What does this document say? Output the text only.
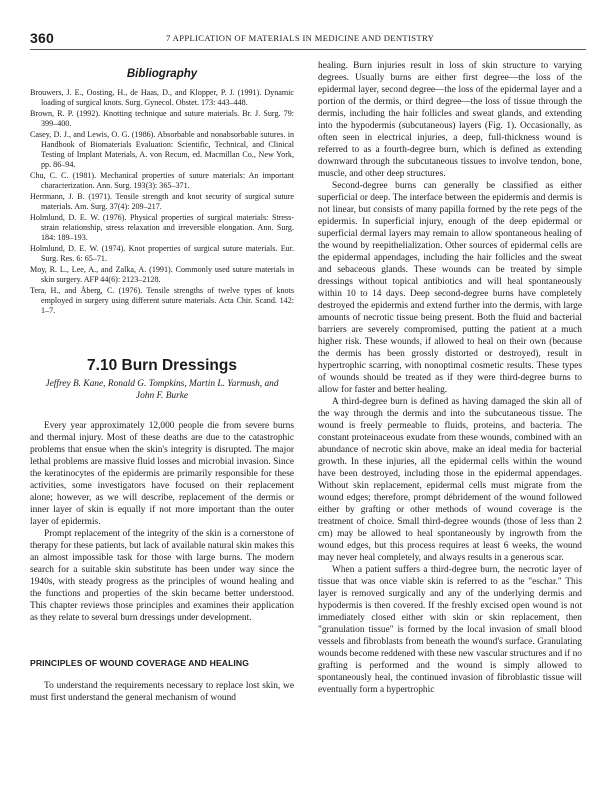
360	7 APPLICATION OF MATERIALS IN MEDICINE AND DENTISTRY
Bibliography
Brouwers, J. E., Oosting, H., de Haas, D., and Klopper, P. J. (1991). Dynamic loading of surgical knots. Surg. Gynecol. Obstet. 173: 443–448.
Brown, R. P. (1992). Knotting technique and suture materials. Br. J. Surg. 79: 399–400.
Casey, D. J., and Lewis, O. G. (1986). Absorbable and nonabsorbable sutures. in Handbook of Biomaterials Evaluation: Scientific, Technical, and Clinical Testing of Implant Materials, A. von Recum, ed. Macmillan Co., New York, pp. 86–94.
Chu, C. C. (1981). Mechanical properties of suture materials: An important characterization. Ann. Surg. 193(3): 365–371.
Herrmann, J. B. (1971). Tensile strength and knot security of surgical suture materials. Am. Surg. 37(4): 209–217.
Holmlund, D. E. W. (1976). Physical properties of surgical materials: Stress-strain relationship, stress relaxation and irreversible elongation. Ann. Surg. 184: 189–193.
Holmlund, D. E. W. (1974). Knot properties of surgical suture materials. Eur. Surg. Res. 6: 65–71.
Moy, R. L., Lee, A., and Zalka, A. (1991). Commonly used suture materials in skin surgery. AFP 44(6): 2123–2128.
Tera, H., and Åberg, C. (1976). Tensile strengths of twelve types of knots employed in surgery using different suture materials. Acta Chir. Scand. 142: 1–7.
7.10 Burn Dressings
Jeffrey B. Kane, Ronald G. Tompkins, Martin L. Yarmush, and John F. Burke

Every year approximately 12,000 people die from severe burns and thermal injury. Most of these deaths are due to the catastrophic problems that ensue when the skin's integrity is disrupted. The major lethal problems are massive fluid losses and microbial invasion. Since the keratinocytes of the epidermis are primarily responsible for these activities, some investigators have focused on their replacement alone; however, as we will describe, replacement of the dermis or inner layer of skin is equally if not more important than the outer layer of epidermis.

Prompt replacement of the integrity of the skin is a cornerstone of therapy for these patients, but lack of available natural skin makes this an almost impossible task for those with large burns. The modern search for a suitable skin substitute has been under way since the 1940s, with steady progress as the principles of wound healing and the functions and properties of the skin became better understood. This chapter reviews those principles and examines their application as they relate to several burn dressings under development.

PRINCIPLES OF WOUND COVERAGE AND HEALING

To understand the requirements necessary to replace lost skin, we must first understand the general mechanism of wound

healing. Burn injuries result in loss of skin structure to varying degrees. Usually burns are either first degree—the loss of the epidermal layer, second degree—the loss of the epidermal layer and a portion of the dermis, or third degree—the loss of tissue through the dermis, including the hair follicles and sweat glands, and extending into the hypodermis (subcutaneous) layers (Fig. 1). Occasionally, as often seen in electrical injuries, a deep, full-thickness wound is referred to as a fourth-degree burn, which is defined as extending downward through the subcutaneous tissues to involve tendon, bone, muscle, and other deep structures.

Second-degree burns can generally be classified as either superficial or deep. The interface between the epidermis and dermis is not linear, but consists of many papilla formed by the rete pegs of the epidermis. In superficial injury, enough of the deep epidermal or superficial dermal layers may remain to allow spontaneous healing of the wound by reepithelialization. Other sources of epidermal cells are the epidermal appendages, including the hair follicles and the sweat and sebaceous glands. These wounds can be treated by simple dressings without topical antibiotics and will heal spontaneously within 10 to 14 days. Deep second-degree burns have completely destroyed the epidermis and extend further into the dermis, with large amounts of necrotic tissue being present. Both the fluid and bacterial barriers are severely compromised, putting the patient at a much higher risk. These wounds, if allowed to heal on their own (because the dermis has been grossly distorted or destroyed), result in hypertrophic scarring, with nonoptimal cosmetic results. These types of wounds should be treated as if they were third-degree burns to allow for faster and better healing.

A third-degree burn is defined as having damaged the skin all of the way through the dermis and into the subcutaneous tissue. The wound is freely permeable to fluids, proteins, and bacteria. The constant proteinaceous exudate from these wounds, combined with an abundance of necrotic skin above, make an ideal media for bacterial growth. In these injuries, all the epidermal cells within the wound have been destroyed, including those in the epidermal appendages. Without skin replacement, epidermal cells must migrate from the wound edges; therefore, prompt débridement of the wound followed either by grafting or other methods of wound coverage is the treatment of choice. Small third-degree wounds (those of less than 2 cm) may be allowed to heal spontaneously by ingrowth from the wound edges, but this process requires at least 6 weeks, the wound may never heal completely, and always results in a generous scar.

When a patient suffers a third-degree burn, the necrotic layer of tissue that was once viable skin is referred to as the "eschar." This layer is removed surgically and any of the underlying dermis and hypodermis is then covered. If the freshly excised open wound is not immediately closed either with skin or skin replacement, then "granulation tissue" is formed by the local invasion of small blood vessels and fibroblasts from beneath the wound's surface. Granulating wounds become reddened with these new vascular structures and if no grafting is performed and the wound is simply allowed to spontaneously heal, the continued invasion of fibroblastic tissue will eventually form a hypertrophic
